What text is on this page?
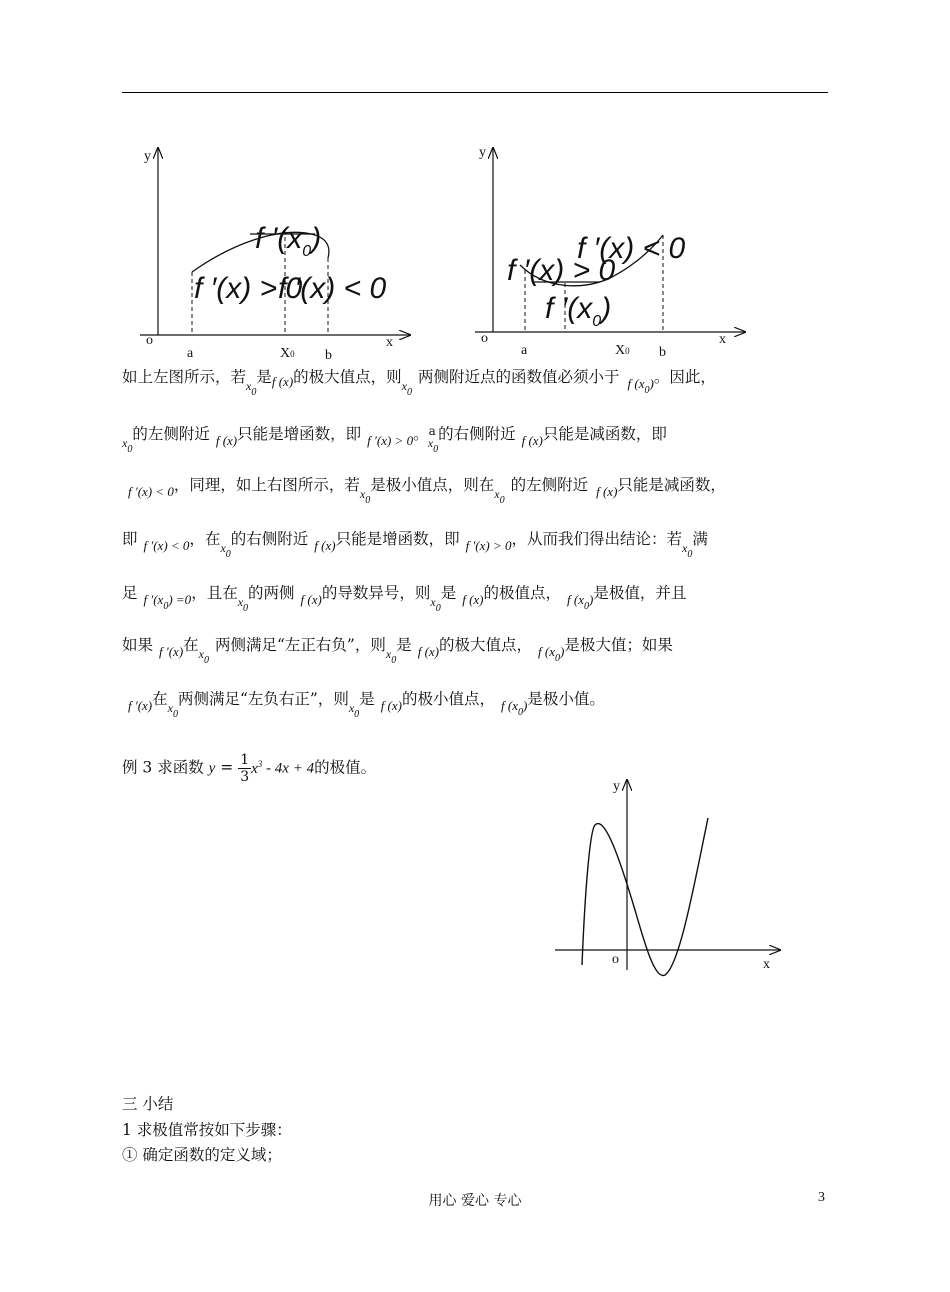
y
x
o
a	X0 b
f $'(x_0)$
f ′(x) > 0
f ′(x) < 0
y
x
o
a	X0 b
f ′(x) > 0
f ′(x) < 0
f $'(x_0)$
如上左图所示，若$_{x_0}$是$_{f (x)}$的极大值点，则$_{x_0}$两侧附近点的函数值必须小于 $_{f (x_0)}$。因此，
$_{x_0}$的左侧附近 $_{f (x)}$只能是增函数，即 $_{f '(x) > 0}$。$^a_{x_0}$的右侧附近 $_{f (x)}$只能是减函数，即
$_{f '(x) < 0}$，同理，如上右图所示，若$_{x_0}$是极小值点，则在$_{x_0}$的左侧附近 $_{f (x)}$只能是减函数，
即 $_{f '(x) < 0}$，在$_{x_0}$的右侧附近 $_{f (x)}$只能是增函数，即 $_{f '(x) > 0}$，从而我们得出结论：若$_{x_0}$满
足 $_{f '(x_0) =0}$，且在$_{x_0}$的两侧 $_{f (x)}$的导数异号，则$_{x_0}$是 $_{f (x)}$的极值点， $_{f (x_0)}$是极值，并且
如果 $_{f '(x)}$在$_{x_0}$两侧满足“左正右负”，则$_{x_0}$是 $_{f (x)}$的极大值点， $_{f (x_0)}$是极大值；如果
$_{f '(x)}$在$_{x_0}$两侧满足“左负右正”，则$_{x_0}$是 $_{f (x)}$的极小值点， $_{f (x_0)}$是极小值。
例 3 求函数 $y = \frac{1}{3} x^3 - 4x + 4$的极值。
y
x
o
三 小结
1 求极值常按如下步骤：
① 确定函数的定义域；
用心 爱心 专心	3
